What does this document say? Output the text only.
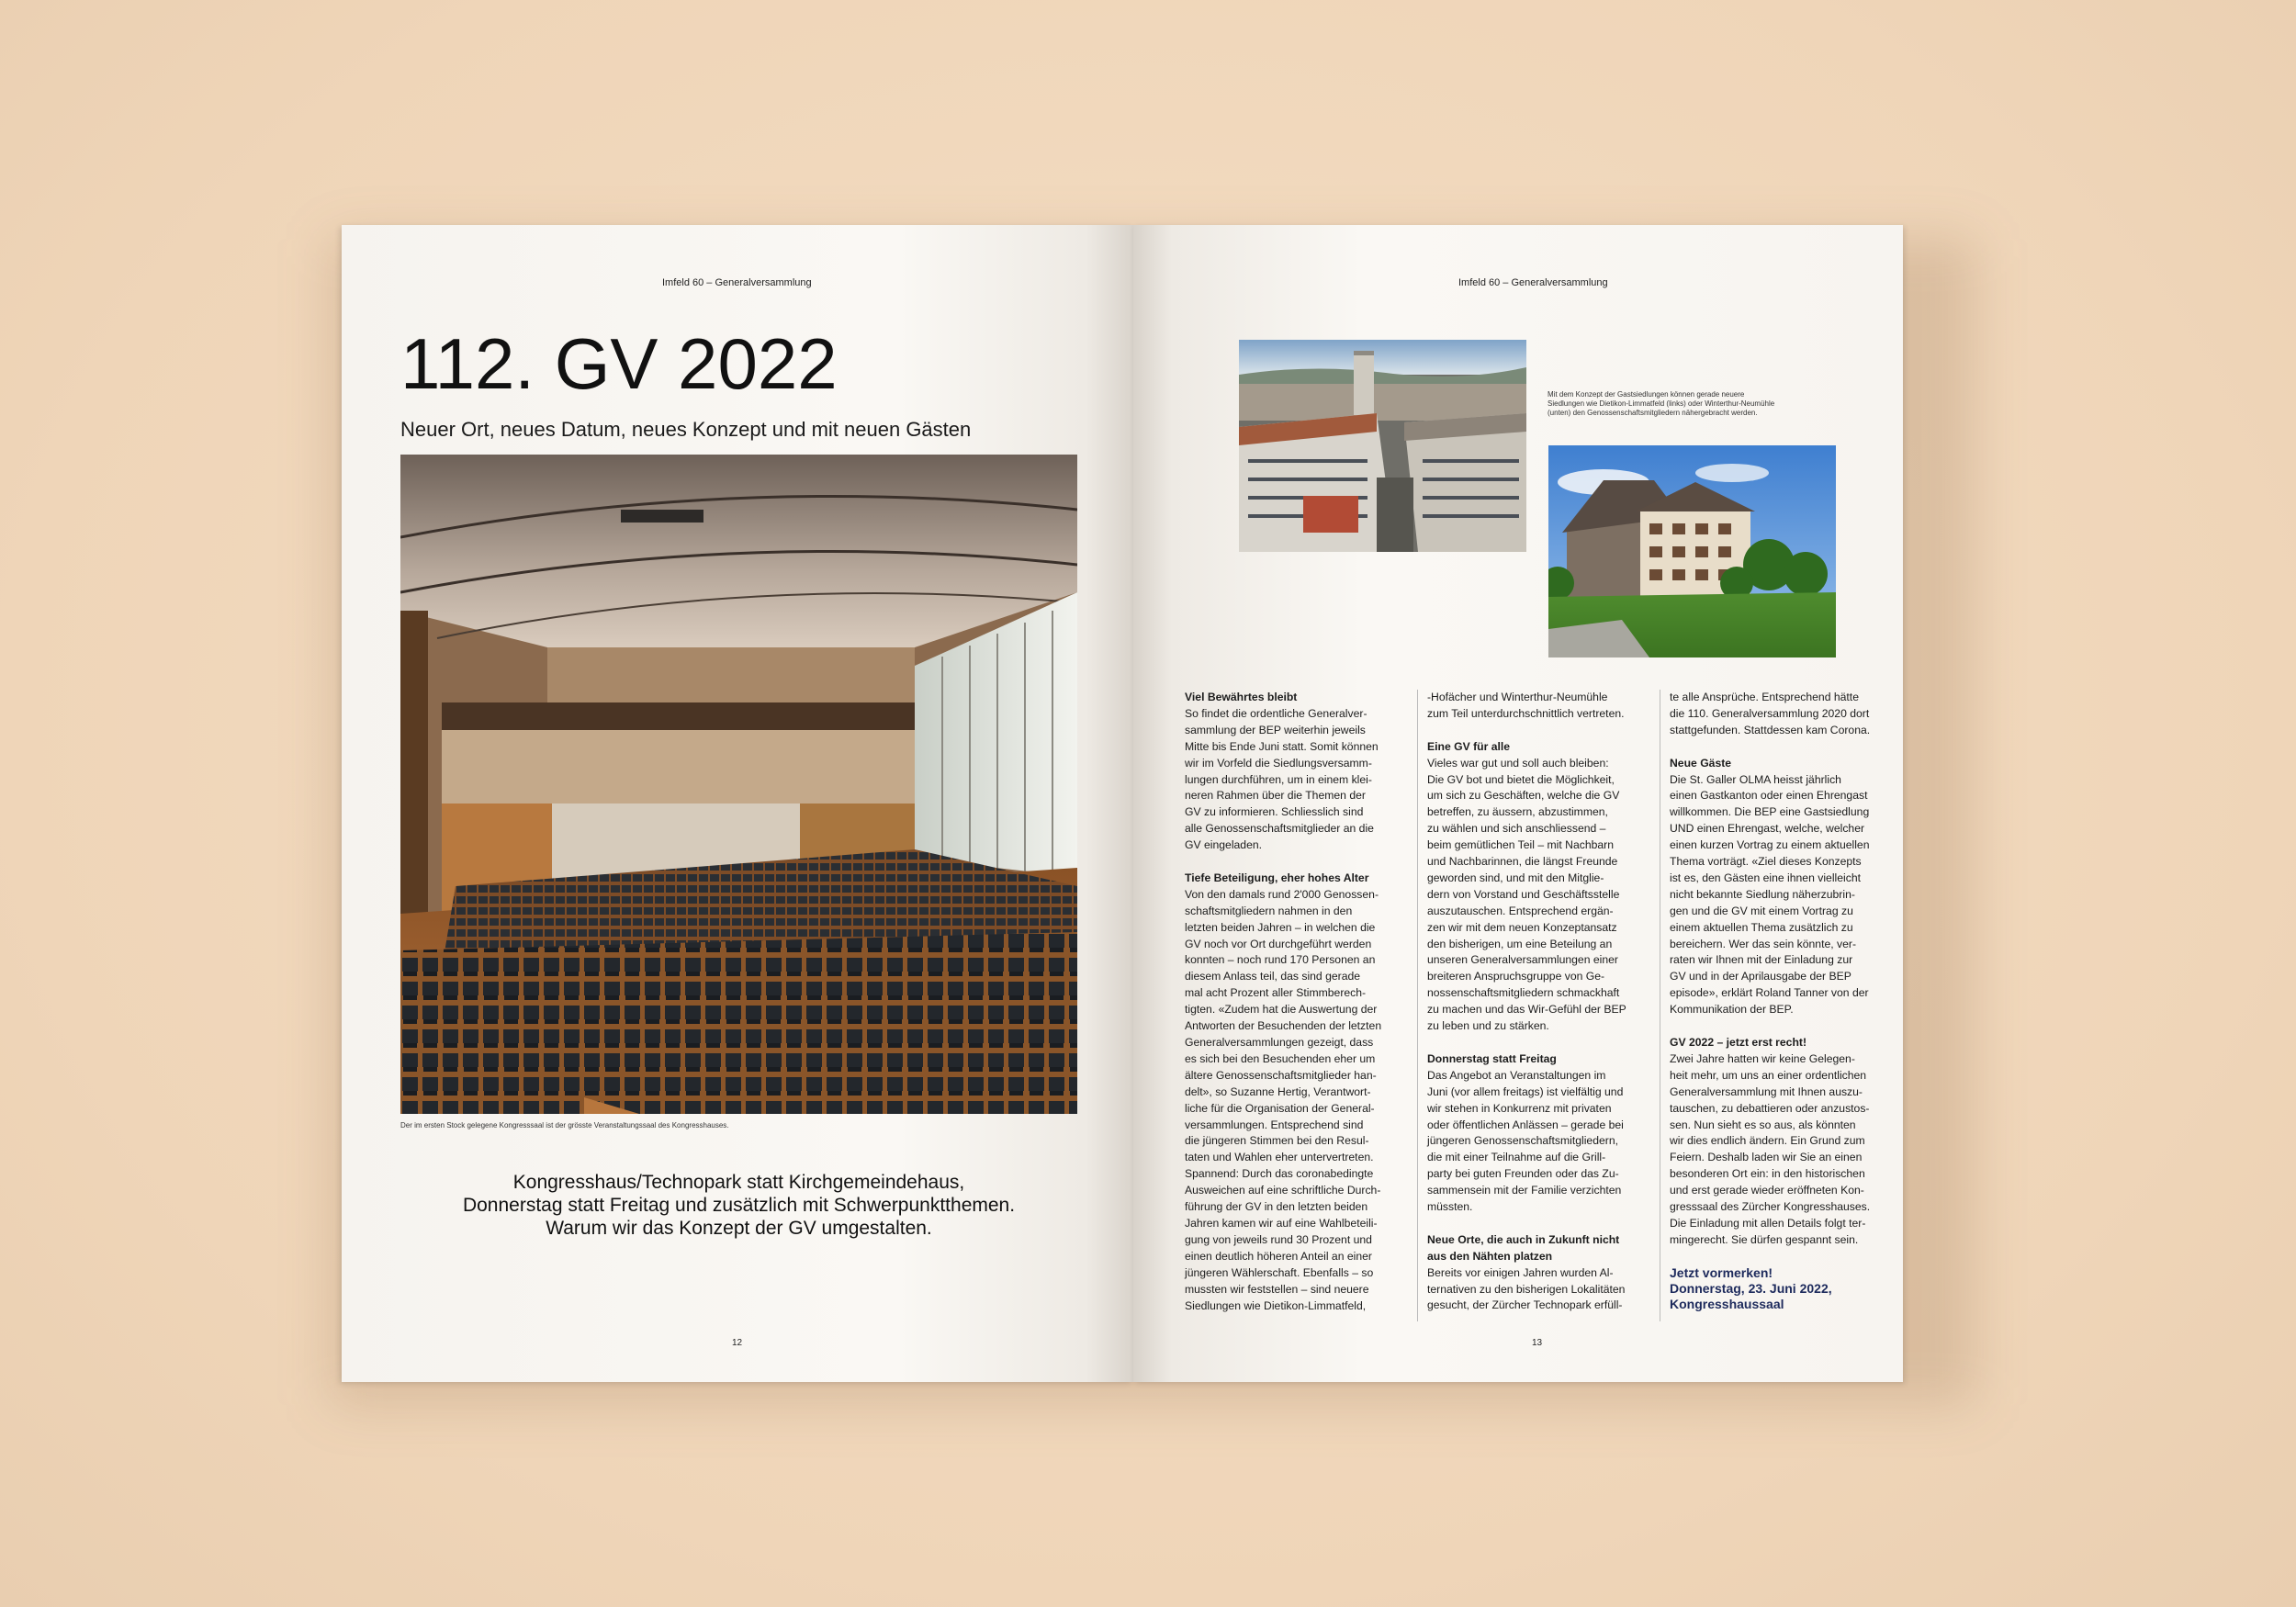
Imfeld 60 – Generalversammlung
112. GV 2022
Neuer Ort, neues Datum, neues Konzept und mit neuen Gästen
Der im ersten Stock gelegene Kongresssaal ist der grösste Veranstaltungssaal des Kongresshauses.
Kongresshaus/Technopark statt Kirchgemeindehaus,
Donnerstag statt Freitag und zusätzlich mit Schwerpunktthemen.
Warum wir das Konzept der GV umgestalten.
12
Imfeld 60 – Generalversammlung
Mit dem Konzept der Gastsiedlungen können gerade neuere
Siedlungen wie Dietikon-Limmatfeld (links) oder Winterthur-Neumühle
(unten) den Genossenschaftsmitgliedern nähergebracht werden.
Viel Bewährtes bleibt
So findet die ordentliche Generalver-
sammlung der BEP weiterhin jeweils
Mitte bis Ende Juni statt. Somit können
wir im Vorfeld die Siedlungsversamm-
lungen durchführen, um in einem klei-
neren Rahmen über die Themen der
GV zu informieren. Schliesslich sind
alle Genossenschaftsmitglieder an die
GV eingeladen.
Tiefe Beteiligung, eher hohes Alter
Von den damals rund 2'000 Genossen-
schaftsmitgliedern nahmen in den
letzten beiden Jahren – in welchen die
GV noch vor Ort durchgeführt werden
konnten – noch rund 170 Personen an
diesem Anlass teil, das sind gerade
mal acht Prozent aller Stimmberech-
tigten. «Zudem hat die Auswertung der
Antworten der Besuchenden der letzten
Generalversammlungen gezeigt, dass
es sich bei den Besuchenden eher um
ältere Genossenschaftsmitglieder han-
delt», so Suzanne Hertig, Verantwort-
liche für die Organisation der General-
versammlungen. Entsprechend sind
die jüngeren Stimmen bei den Resul-
taten und Wahlen eher untervertreten.
Spannend: Durch das coronabedingte
Ausweichen auf eine schriftliche Durch-
führung der GV in den letzten beiden
Jahren kamen wir auf eine Wahlbeteili-
gung von jeweils rund 30 Prozent und
einen deutlich höheren Anteil an einer
jüngeren Wählerschaft. Ebenfalls – so
mussten wir feststellen – sind neuere
Siedlungen wie Dietikon-Limmatfeld,
-Hofächer und Winterthur-Neumühle
zum Teil unterdurchschnittlich vertreten.
Eine GV für alle
Vieles war gut und soll auch bleiben:
Die GV bot und bietet die Möglichkeit,
um sich zu Geschäften, welche die GV
betreffen, zu äussern, abzustimmen,
zu wählen und sich anschliessend –
beim gemütlichen Teil – mit Nachbarn
und Nachbarinnen, die längst Freunde
geworden sind, und mit den Mitglie-
dern von Vorstand und Geschäftsstelle
auszutauschen. Entsprechend ergän-
zen wir mit dem neuen Konzeptansatz
den bisherigen, um eine Beteilung an
unseren Generalversammlungen einer
breiteren Anspruchsgruppe von Ge-
nossenschaftsmitgliedern schmackhaft
zu machen und das Wir-Gefühl der BEP
zu leben und zu stärken.
Donnerstag statt Freitag
Das Angebot an Veranstaltungen im
Juni (vor allem freitags) ist vielfältig und
wir stehen in Konkurrenz mit privaten
oder öffentlichen Anlässen – gerade bei
jüngeren Genossenschaftsmitgliedern,
die mit einer Teilnahme auf die Grill-
party bei guten Freunden oder das Zu-
sammensein mit der Familie verzichten
müssten.
Neue Orte, die auch in Zukunft nicht
aus den Nähten platzen
Bereits vor einigen Jahren wurden Al-
ternativen zu den bisherigen Lokalitäten
gesucht, der Zürcher Technopark erfüll-
te alle Ansprüche. Entsprechend hätte
die 110. Generalversammlung 2020 dort
stattgefunden. Stattdessen kam Corona.
Neue Gäste
Die St. Galler OLMA heisst jährlich
einen Gastkanton oder einen Ehrengast
willkommen. Die BEP eine Gastsiedlung
UND einen Ehrengast, welche, welcher
einen kurzen Vortrag zu einem aktuellen
Thema vorträgt. «Ziel dieses Konzepts
ist es, den Gästen eine ihnen vielleicht
nicht bekannte Siedlung näherzubrin-
gen und die GV mit einem Vortrag zu
einem aktuellen Thema zusätzlich zu
bereichern. Wer das sein könnte, ver-
raten wir Ihnen mit der Einladung zur
GV und in der Aprilausgabe der BEP
episode», erklärt Roland Tanner von der
Kommunikation der BEP.
GV 2022 – jetzt erst recht!
Zwei Jahre hatten wir keine Gelegen-
heit mehr, um uns an einer ordentlichen
Generalversammlung mit Ihnen auszu-
tauschen, zu debattieren oder anzustos-
sen. Nun sieht es so aus, als könnten
wir dies endlich ändern. Ein Grund zum
Feiern. Deshalb laden wir Sie an einen
besonderen Ort ein: in den historischen
und erst gerade wieder eröffneten Kon-
gresssaal des Zürcher Kongresshauses.
Die Einladung mit allen Details folgt ter-
mingerecht. Sie dürfen gespannt sein.
Jetzt vormerken!
Donnerstag, 23. Juni 2022,
Kongresshaussaal
13
